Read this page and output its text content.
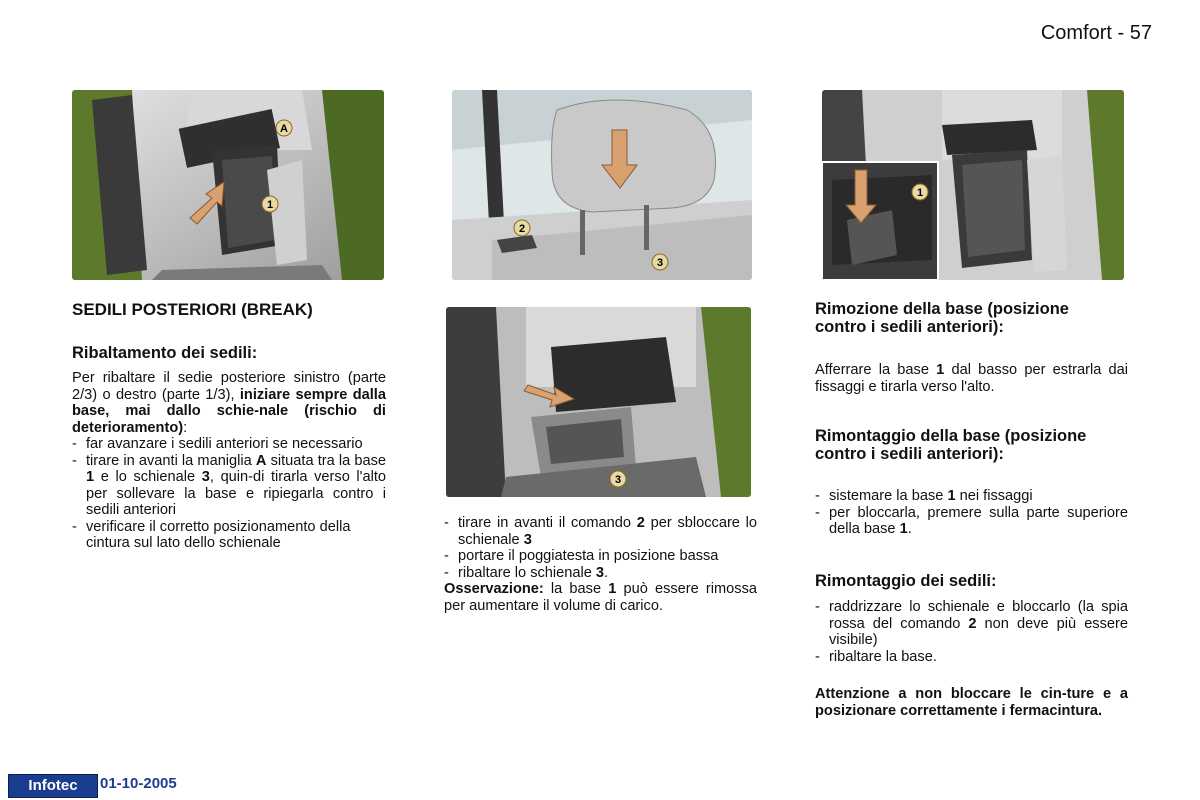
Comfort - 57
A
1
2
3
3
1
SEDILI POSTERIORI (BREAK)
Ribaltamento dei sedili:
Per ribaltare il sedie posteriore sinistro (parte 2/3) o destro (parte 1/3), iniziare sempre dalla base, mai dallo schie-nale (rischio di deterioramento):
- far avanzare i sedili anteriori se necessario
- tirare in avanti la maniglia A situata tra la base 1 e lo schienale 3, quin-di tirarla verso l'alto per sollevare la base e ripiegarla contro i sedili anteriori
- verificare il corretto posizionamento della cintura sul lato dello schienale
- tirare in avanti il comando 2 per sbloccare lo schienale 3
- portare il poggiatesta in posizione bassa
- ribaltare lo schienale 3.
Osservazione: la base 1 può essere rimossa per aumentare il volume di carico.
Rimozione della base (posizione contro i sedili anteriori):
Afferrare la base 1 dal basso per estrarla dai fissaggi e tirarla verso l'alto.
Rimontaggio della base (posizione contro i sedili anteriori):
- sistemare la base 1 nei fissaggi
- per bloccarla, premere sulla parte superiore della base 1.
Rimontaggio dei sedili:
- raddrizzare lo schienale e bloccarlo (la spia rossa del comando 2 non deve più essere visibile)
- ribaltare la base.
Attenzione a non bloccare le cin-ture e a posizionare correttamente i fermacintura.
Infotec	01-10-2005
